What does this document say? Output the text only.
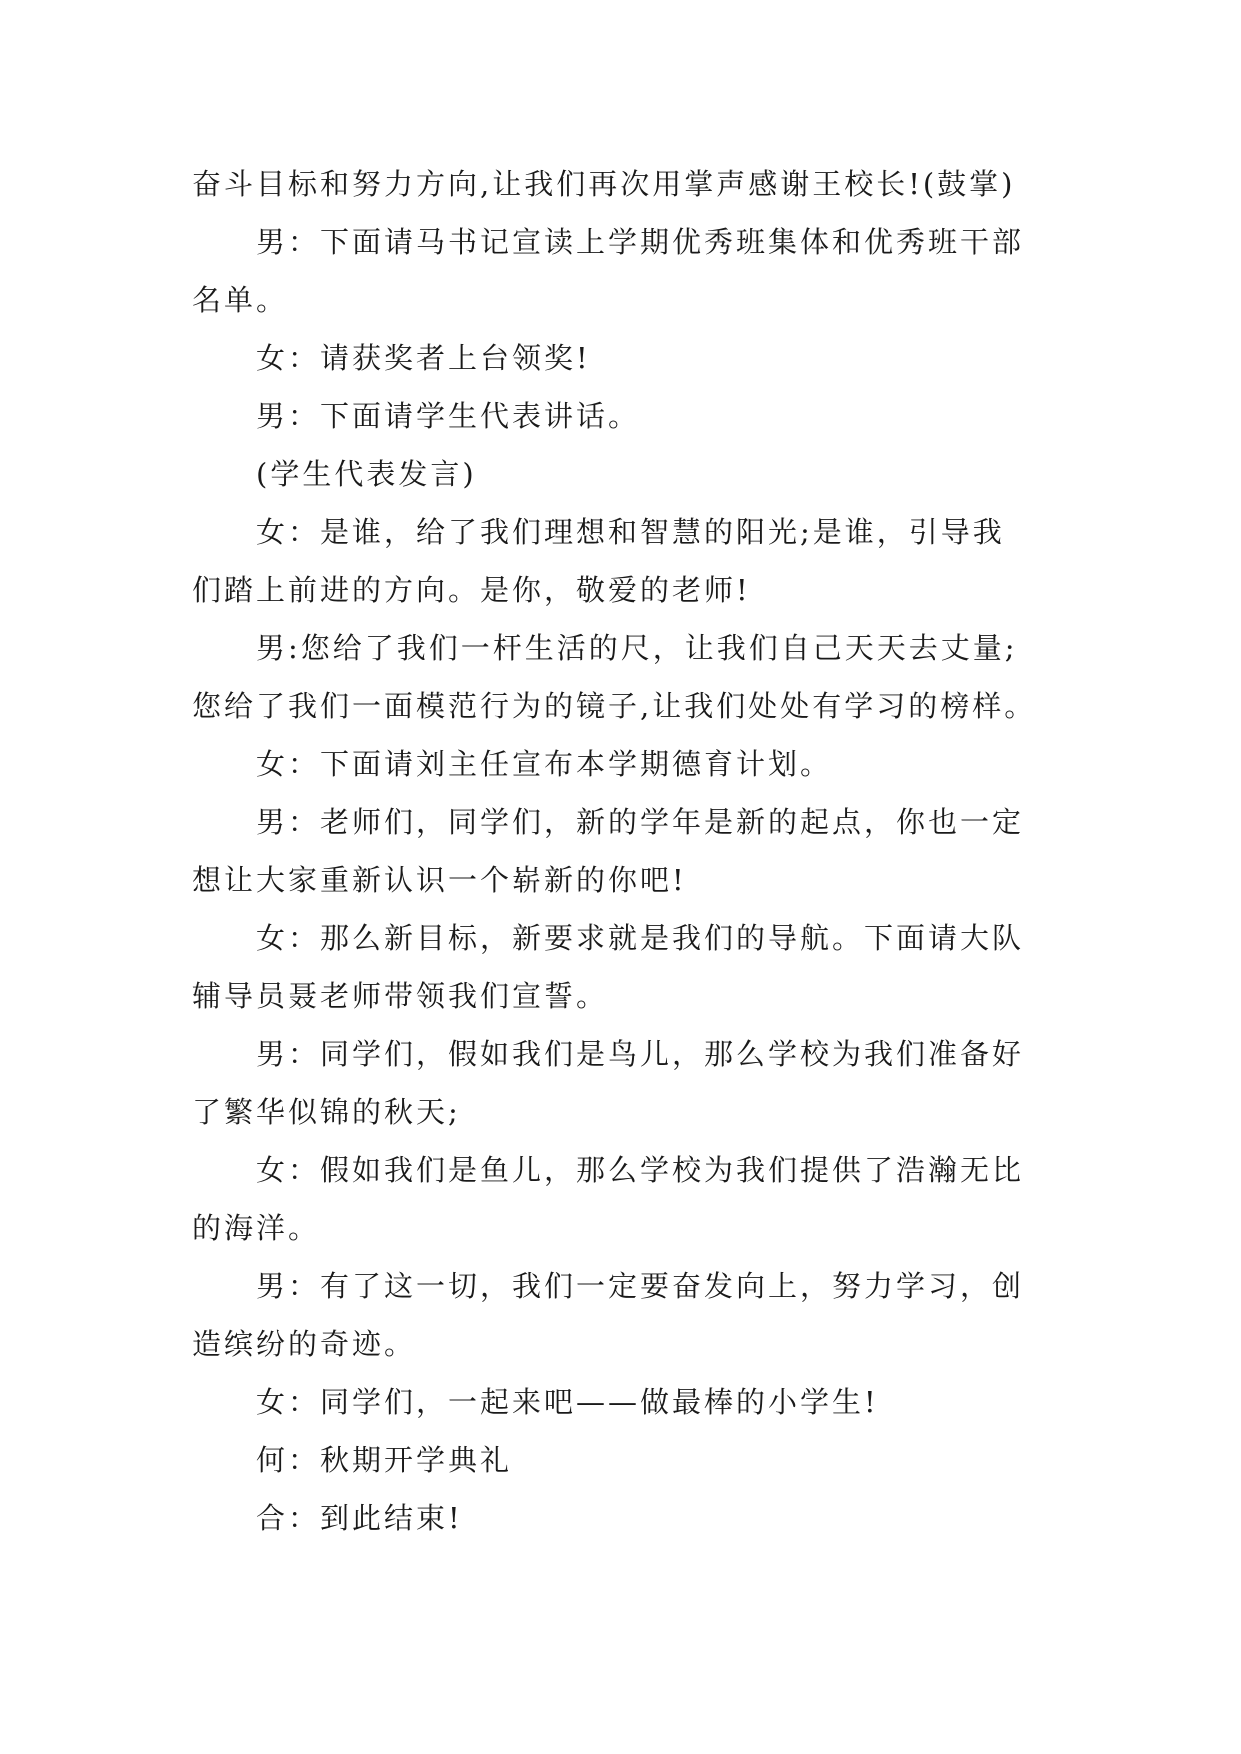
奋斗目标和努力方向,让我们再次用掌声感谢王校长!(鼓掌)
男：下面请马书记宣读上学期优秀班集体和优秀班干部
名单。
女：请获奖者上台领奖!
男：下面请学生代表讲话。
(学生代表发言)
女：是谁，给了我们理想和智慧的阳光;是谁，引导我
们踏上前进的方向。是你，敬爱的老师!
男:您给了我们一杆生活的尺，让我们自己天天去丈量;
您给了我们一面模范行为的镜子,让我们处处有学习的榜样。
女：下面请刘主任宣布本学期德育计划。
男：老师们，同学们，新的学年是新的起点，你也一定
想让大家重新认识一个崭新的你吧!
女：那么新目标，新要求就是我们的导航。下面请大队
辅导员聂老师带领我们宣誓。
男：同学们，假如我们是鸟儿，那么学校为我们准备好
了繁华似锦的秋天;
女：假如我们是鱼儿，那么学校为我们提供了浩瀚无比
的海洋。
男：有了这一切，我们一定要奋发向上，努力学习，创
造缤纷的奇迹。
女：同学们，一起来吧——做最棒的小学生!
何：秋期开学典礼
合：到此结束!
